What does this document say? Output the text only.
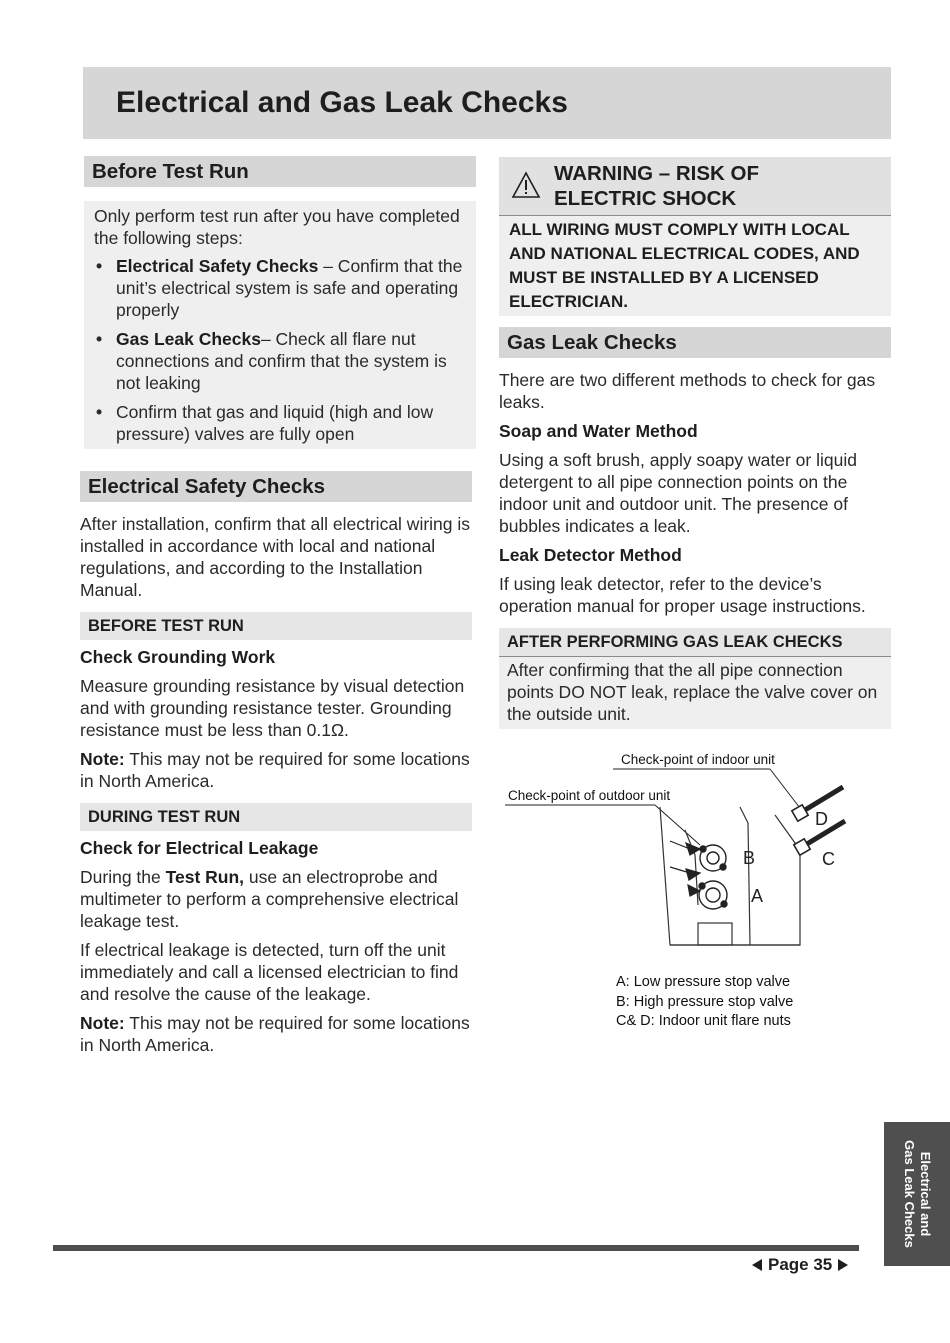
Electrical and Gas Leak Checks
Before Test Run

Only perform test run after you have completed the following steps:

• Electrical Safety Checks – Confirm that the unit’s electrical system is safe and operating properly
• Gas Leak Checks– Check all flare nut connections and confirm that the system is not leaking
• Confirm that gas and liquid (high and low pressure) valves are fully open
Electrical Safety Checks

After installation, confirm that all electrical wiring is installed in accordance with local and national regulations, and according to the Installation Manual.

BEFORE TEST RUN

Check Grounding Work

Measure grounding resistance by visual detection and with grounding resistance tester. Grounding resistance must be less than 0.1Ω.

Note: This may not be required for some locations in North America.

DURING TEST RUN

Check for Electrical Leakage

During the Test Run, use an electroprobe and multimeter to perform a comprehensive electrical leakage test.

If electrical leakage is detected, turn off the unit immediately and call a licensed electrician to find and resolve the cause of the leakage.

Note: This may not be required for some locations in North America.

WARNING – RISK OF ELECTRIC SHOCK
ALL WIRING MUST COMPLY WITH LOCAL AND NATIONAL ELECTRICAL CODES, AND MUST BE INSTALLED BY A LICENSED ELECTRICIAN.
Gas Leak Checks

There are two different methods to check for gas leaks.

Soap and Water Method

Using a soft brush, apply soapy water or liquid detergent to all pipe connection points on the indoor unit and outdoor unit. The presence of bubbles indicates a leak.

Leak Detector Method

If using leak detector, refer to the device’s operation manual for proper usage instructions.

AFTER PERFORMING GAS LEAK CHECKS

After confirming that the all pipe connection points DO NOT leak, replace the valve cover on the outside unit.

Check-point of indoor unit
Check-point of outdoor unit
D
C
B
A
A: Low pressure stop valve
B: High pressure stop valve
C& D: Indoor unit flare nuts
Electrical and
Gas Leak Checks
Page 35
